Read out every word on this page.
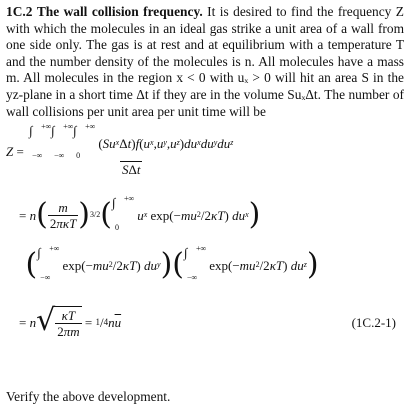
1C.2 The wall collision frequency. It is desired to find the frequency Z with which the molecules in an ideal gas strike a unit area of a wall from one side only. The gas is at rest and at equilibrium with a temperature T and the number density of the molecules is n. All molecules have a mass m. All molecules in the region x < 0 with uₓ > 0 will hit an area S in the yz-plane in a short time Δt if they are in the volume SuₓΔt. The number of wall collisions per unit area per unit time will be

Z =
∫ +∞
−∞
∫ +∞
−∞
∫ +∞
0
( Su x Δ t ) f ( u x , u y , u z ) du x du y du z
SΔt
= n ( $\frac{m}{\text{2πκT}}$ ) 3/2 ( ∫ +∞
0

u x exp(− mu 2 /2 κT ) du x )

( ∫ +∞
−∞
exp(− mu 2 /2 κT ) du y )( ∫ +∞
−∞
exp(− mu 2 /2 κT ) du z )
= n √ $\frac{\kappa T}{2\pi m} = 1 / 4$ n $\overline{u}$	(1C.2-1)
Verify the above development.
